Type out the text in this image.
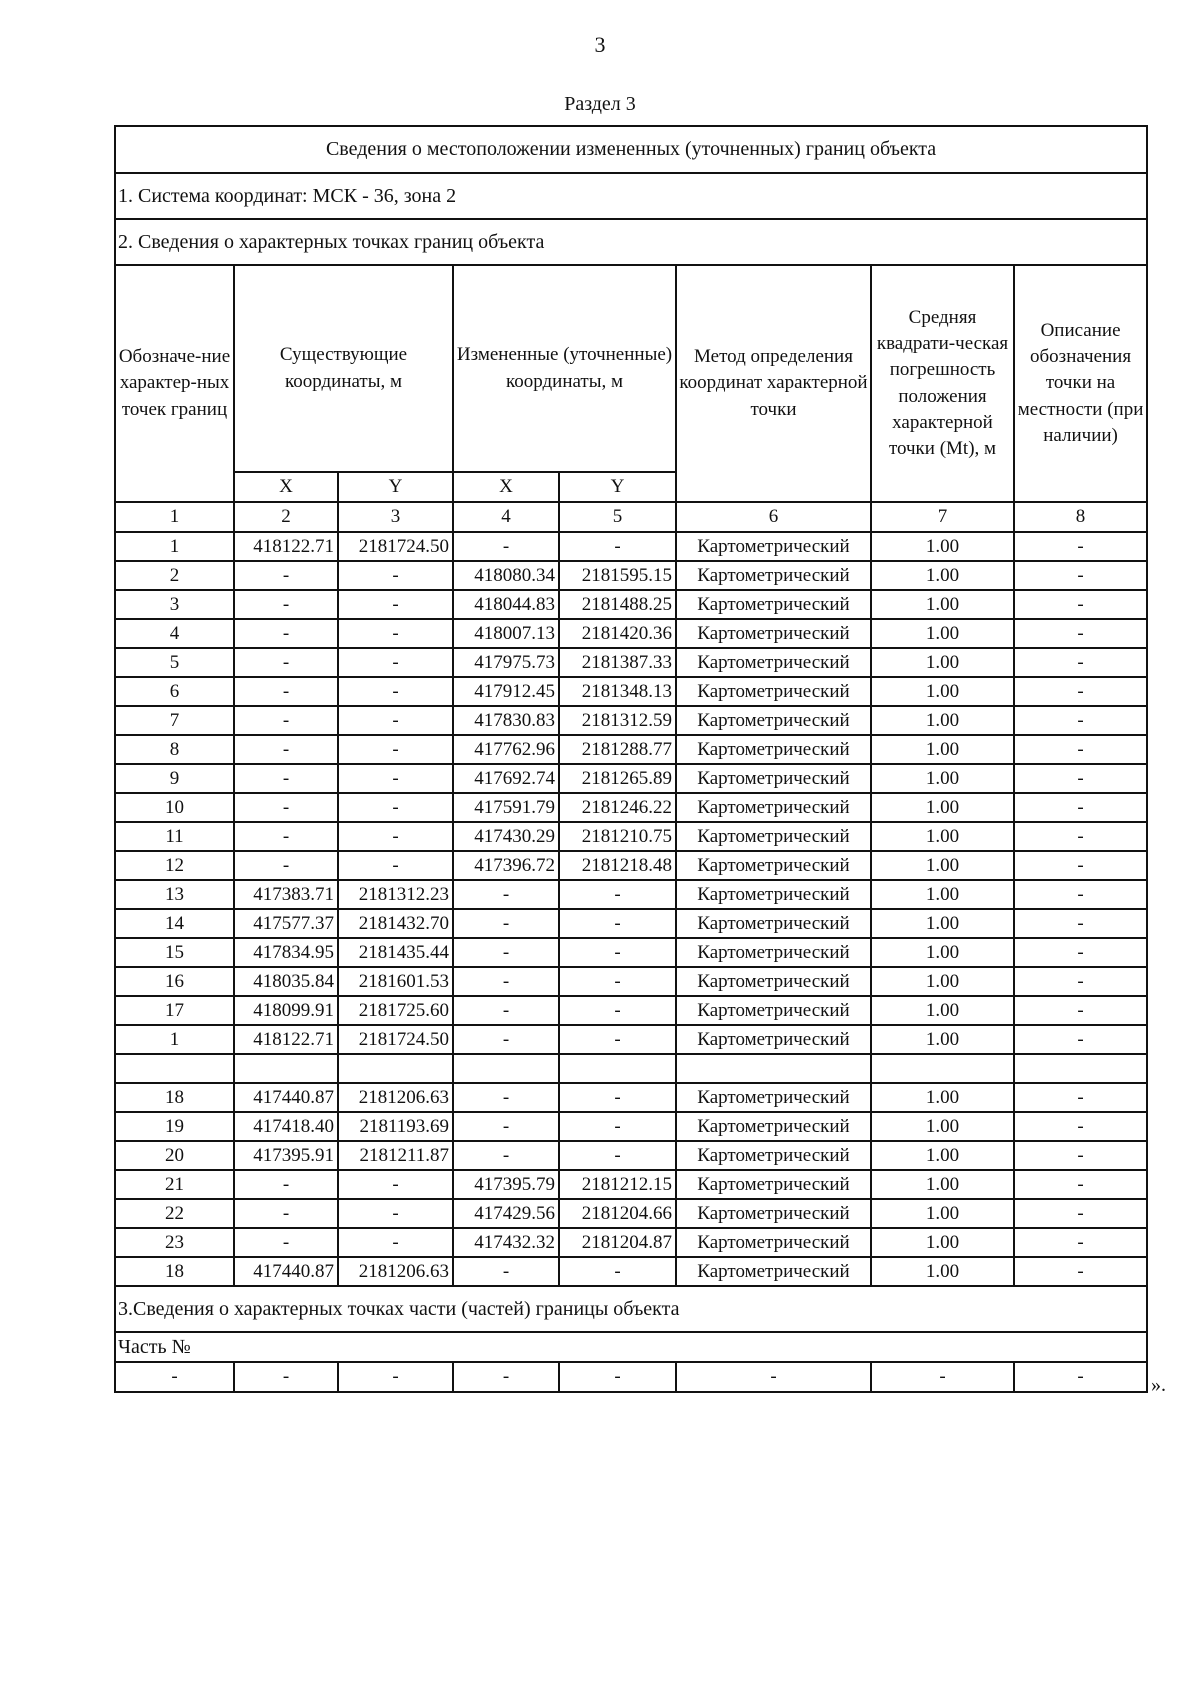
3
Раздел 3
Сведения о местоположении измененных (уточненных) границ объекта							
1. Система координат: МСК - 36, зона 2							
2. Сведения о характерных точках границ объекта							
Обозначе-ние характер-ных точек границ	Существующие координаты, м		Измененные (уточненные) координаты, м		Метод определения координат характерной точки	Средняя квадрати-ческая погрешность положения характерной точки (Mt), м	Описание обозначения точки на местности (при наличии)
	X	Y	X	Y			
1	2	3	4	5	6	7	8
1	418122.71	2181724.50	-	-	Картометрический	1.00	-
2	-	-	418080.34	2181595.15	Картометрический	1.00	-
3	-	-	418044.83	2181488.25	Картометрический	1.00	-
4	-	-	418007.13	2181420.36	Картометрический	1.00	-
5	-	-	417975.73	2181387.33	Картометрический	1.00	-
6	-	-	417912.45	2181348.13	Картометрический	1.00	-
7	-	-	417830.83	2181312.59	Картометрический	1.00	-
8	-	-	417762.96	2181288.77	Картометрический	1.00	-
9	-	-	417692.74	2181265.89	Картометрический	1.00	-
10	-	-	417591.79	2181246.22	Картометрический	1.00	-
11	-	-	417430.29	2181210.75	Картометрический	1.00	-
12	-	-	417396.72	2181218.48	Картометрический	1.00	-
13	417383.71	2181312.23	-	-	Картометрический	1.00	-
14	417577.37	2181432.70	-	-	Картометрический	1.00	-
15	417834.95	2181435.44	-	-	Картометрический	1.00	-
16	418035.84	2181601.53	-	-	Картометрический	1.00	-
17	418099.91	2181725.60	-	-	Картометрический	1.00	-
1	418122.71	2181724.50	-	-	Картометрический	1.00	-

18	417440.87	2181206.63	-	-	Картометрический	1.00	-
19	417418.40	2181193.69	-	-	Картометрический	1.00	-
20	417395.91	2181211.87	-	-	Картометрический	1.00	-
21	-	-	417395.79	2181212.15	Картометрический	1.00	-
22	-	-	417429.56	2181204.66	Картометрический	1.00	-
23	-	-	417432.32	2181204.87	Картометрический	1.00	-
18	417440.87	2181206.63	-	-	Картометрический	1.00	-
3.Сведения о характерных точках части (частей) границы объекта							
Часть №							
-	-	-	-	-	-	-	-	».
